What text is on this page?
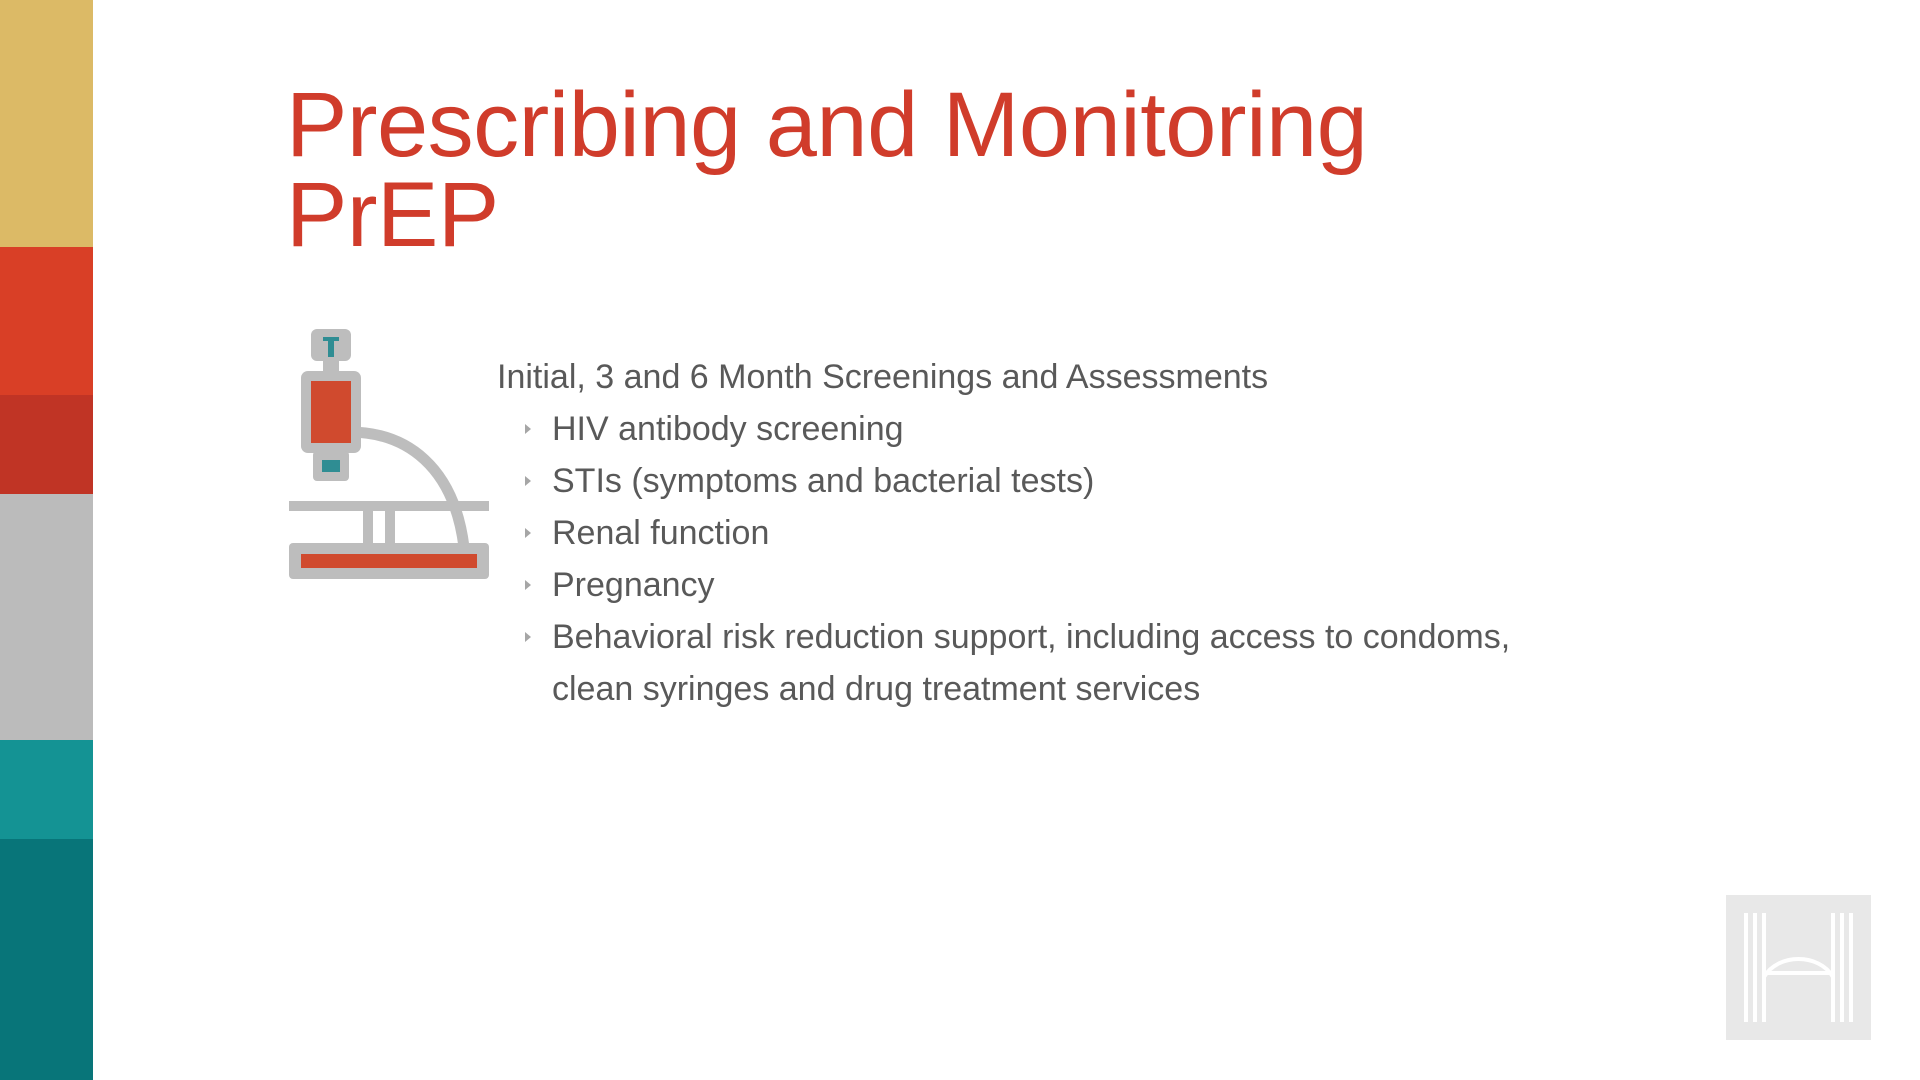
Prescribing and Monitoring
PrEP

Initial, 3 and 6 Month Screenings and Assessments

HIV antibody screening
STIs (symptoms and bacterial tests)
Renal function
Pregnancy
Behavioral risk reduction support, including access to condoms, clean syringes and drug treatment services
